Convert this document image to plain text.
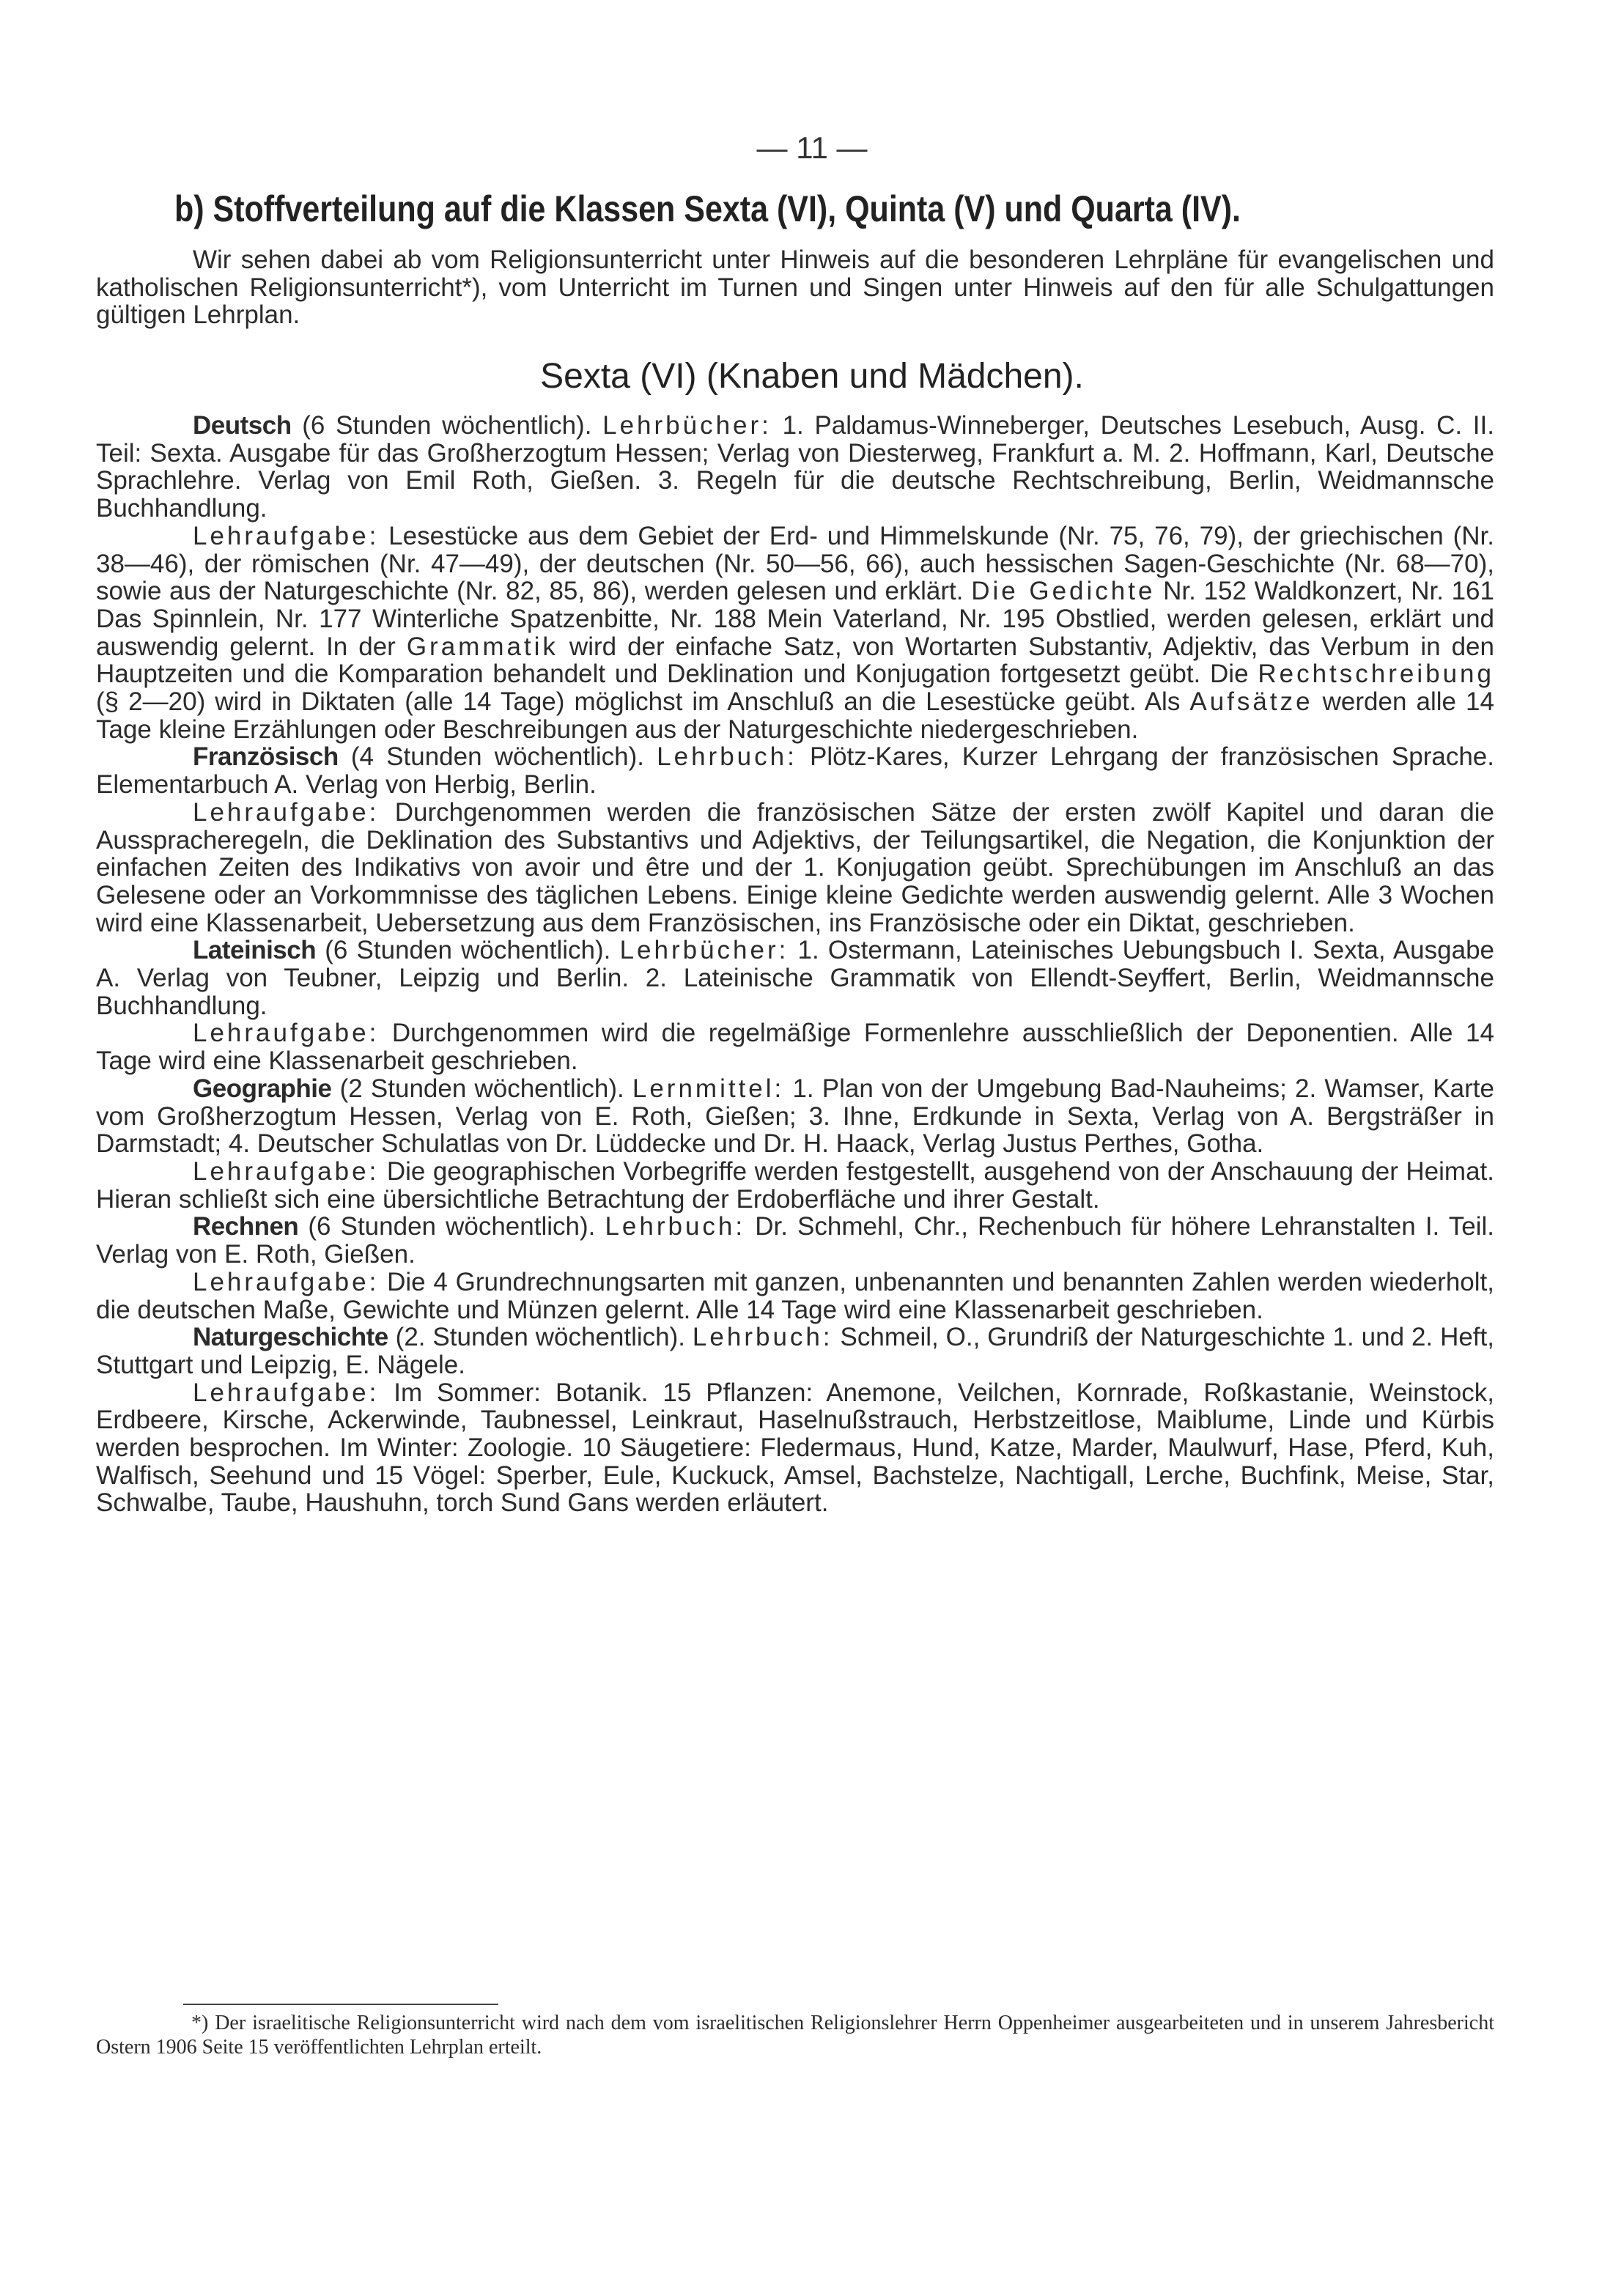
— 11 —
b) Stoffverteilung auf die Klassen Sexta (VI), Quinta (V) und Quarta (IV).

Wir sehen dabei ab vom Religionsunterricht unter Hinweis auf die besonderen Lehrpläne für evangelischen und katholischen Religionsunterricht*), vom Unterricht im Turnen und Singen unter Hinweis auf den für alle Schulgattungen gültigen Lehrplan.

Sexta (VI) (Knaben und Mädchen).

Deutsch (6 Stunden wöchentlich). Lehrbücher: 1. Paldamus-Winneberger, Deutsches Lesebuch, Ausg. C. II. Teil: Sexta. Ausgabe für das Großherzogtum Hessen; Verlag von Diesterweg, Frankfurt a. M. 2. Hoffmann, Karl, Deutsche Sprachlehre. Verlag von Emil Roth, Gießen. 3. Regeln für die deutsche Rechtschreibung, Berlin, Weidmannsche Buchhandlung.

Lehraufgabe: Lesestücke aus dem Gebiet der Erd- und Himmelskunde (Nr. 75, 76, 79), der griechischen (Nr. 38—46), der römischen (Nr. 47—49), der deutschen (Nr. 50—56, 66), auch hessischen Sagen-Geschichte (Nr. 68—70), sowie aus der Naturgeschichte (Nr. 82, 85, 86), werden gelesen und erklärt. Die Gedichte Nr. 152 Waldkonzert, Nr. 161 Das Spinnlein, Nr. 177 Winterliche Spatzenbitte, Nr. 188 Mein Vaterland, Nr. 195 Obstlied, werden gelesen, erklärt und auswendig gelernt. In der Grammatik wird der einfache Satz, von Wortarten Substantiv, Adjektiv, das Verbum in den Hauptzeiten und die Komparation behandelt und Deklination und Konjugation fortgesetzt geübt. Die Rechtschreibung (§ 2—20) wird in Diktaten (alle 14 Tage) möglichst im Anschluß an die Lesestücke geübt. Als Aufsätze werden alle 14 Tage kleine Erzählungen oder Beschreibungen aus der Naturgeschichte niedergeschrieben.

Französisch (4 Stunden wöchentlich). Lehrbuch: Plötz-Kares, Kurzer Lehrgang der französischen Sprache. Elementarbuch A. Verlag von Herbig, Berlin.

Lehraufgabe: Durchgenommen werden die französischen Sätze der ersten zwölf Kapitel und daran die Ausspracheregeln, die Deklination des Substantivs und Adjektivs, der Teilungsartikel, die Negation, die Konjunktion der einfachen Zeiten des Indikativs von avoir und être und der 1. Konjugation geübt. Sprechübungen im Anschluß an das Gelesene oder an Vorkommnisse des täglichen Lebens. Einige kleine Gedichte werden auswendig gelernt. Alle 3 Wochen wird eine Klassenarbeit, Uebersetzung aus dem Französischen, ins Französische oder ein Diktat, geschrieben.

Lateinisch (6 Stunden wöchentlich). Lehrbücher: 1. Ostermann, Lateinisches Uebungsbuch I. Sexta, Ausgabe A. Verlag von Teubner, Leipzig und Berlin. 2. Lateinische Grammatik von Ellendt-Seyffert, Berlin, Weidmannsche Buchhandlung.

Lehraufgabe: Durchgenommen wird die regelmäßige Formenlehre ausschließlich der Deponentien. Alle 14 Tage wird eine Klassenarbeit geschrieben.

Geographie (2 Stunden wöchentlich). Lernmittel: 1. Plan von der Umgebung Bad-Nauheims; 2. Wamser, Karte vom Großherzogtum Hessen, Verlag von E. Roth, Gießen; 3. Ihne, Erdkunde in Sexta, Verlag von A. Bergsträßer in Darmstadt; 4. Deutscher Schulatlas von Dr. Lüddecke und Dr. H. Haack, Verlag Justus Perthes, Gotha.

Lehraufgabe: Die geographischen Vorbegriffe werden festgestellt, ausgehend von der Anschauung der Heimat. Hieran schließt sich eine übersichtliche Betrachtung der Erdoberfläche und ihrer Gestalt.

Rechnen (6 Stunden wöchentlich). Lehrbuch: Dr. Schmehl, Chr., Rechenbuch für höhere Lehranstalten I. Teil. Verlag von E. Roth, Gießen.

Lehraufgabe: Die 4 Grundrechnungsarten mit ganzen, unbenannten und benannten Zahlen werden wiederholt, die deutschen Maße, Gewichte und Münzen gelernt. Alle 14 Tage wird eine Klassenarbeit geschrieben.

Naturgeschichte (2. Stunden wöchentlich). Lehrbuch: Schmeil, O., Grundriß der Naturgeschichte 1. und 2. Heft, Stuttgart und Leipzig, E. Nägele.

Lehraufgabe: Im Sommer: Botanik. 15 Pflanzen: Anemone, Veilchen, Kornrade, Roßkastanie, Weinstock, Erdbeere, Kirsche, Ackerwinde, Taubnessel, Leinkraut, Haselnußstrauch, Herbstzeitlose, Maiblume, Linde und Kürbis werden besprochen. Im Winter: Zoologie. 10 Säugetiere: Fledermaus, Hund, Katze, Marder, Maulwurf, Hase, Pferd, Kuh, Walfisch, Seehund und 15 Vögel: Sperber, Eule, Kuckuck, Amsel, Bachstelze, Nachtigall, Lerche, Buchfink, Meise, Star, Schwalbe, Taube, Haushuhn, torch Sund Gans werden erläutert.

*) Der israelitische Religionsunterricht wird nach dem vom israelitischen Religionslehrer Herrn Oppenheimer ausgearbeiteten und in unserem Jahresbericht Ostern 1906 Seite 15 veröffentlichten Lehrplan erteilt.
